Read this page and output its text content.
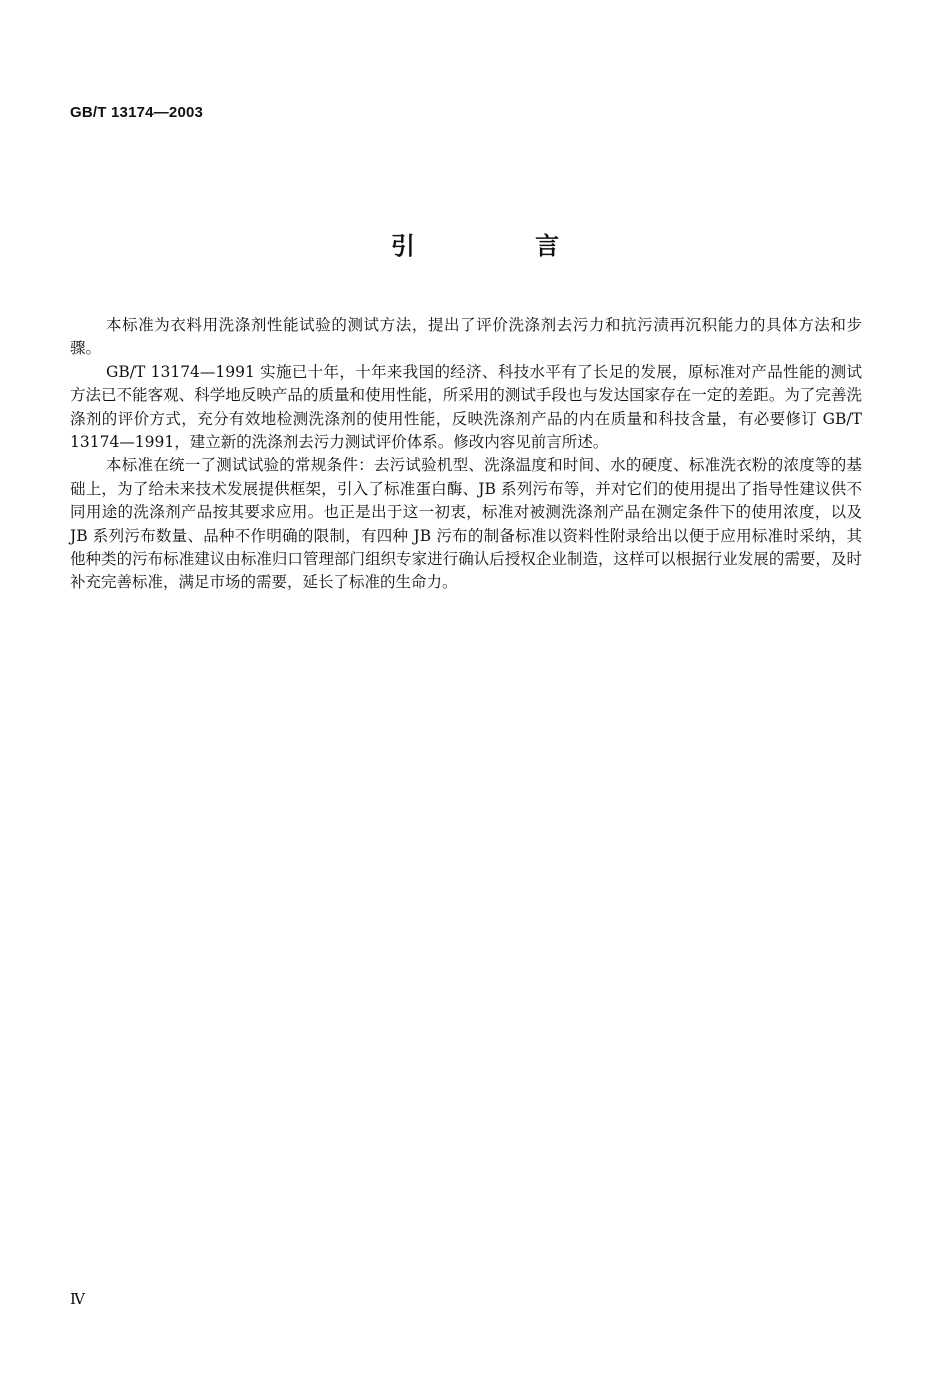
GB/T 13174—2003
引 言

本标准为衣料用洗涤剂性能试验的测试方法，提出了评价洗涤剂去污力和抗污渍再沉积能力的具体方法和步骤。

GB/T 13174—1991 实施已十年，十年来我国的经济、科技水平有了长足的发展，原标准对产品性能的测试方法已不能客观、科学地反映产品的质量和使用性能，所采用的测试手段也与发达国家存在一定的差距。为了完善洗涤剂的评价方式，充分有效地检测洗涤剂的使用性能，反映洗涤剂产品的内在质量和科技含量，有必要修订 GB/T 13174—1991，建立新的洗涤剂去污力测试评价体系。修改内容见前言所述。

本标准在统一了测试试验的常规条件：去污试验机型、洗涤温度和时间、水的硬度、标准洗衣粉的浓度等的基础上，为了给未来技术发展提供框架，引入了标准蛋白酶、JB 系列污布等，并对它们的使用提出了指导性建议供不同用途的洗涤剂产品按其要求应用。也正是出于这一初衷，标准对被测洗涤剂产品在测定条件下的使用浓度，以及 JB 系列污布数量、品种不作明确的限制，有四种 JB 污布的制备标准以资料性附录给出以便于应用标准时采纳，其他种类的污布标准建议由标准归口管理部门组织专家进行确认后授权企业制造，这样可以根据行业发展的需要，及时补充完善标准，满足市场的需要，延长了标准的生命力。

Ⅳ
